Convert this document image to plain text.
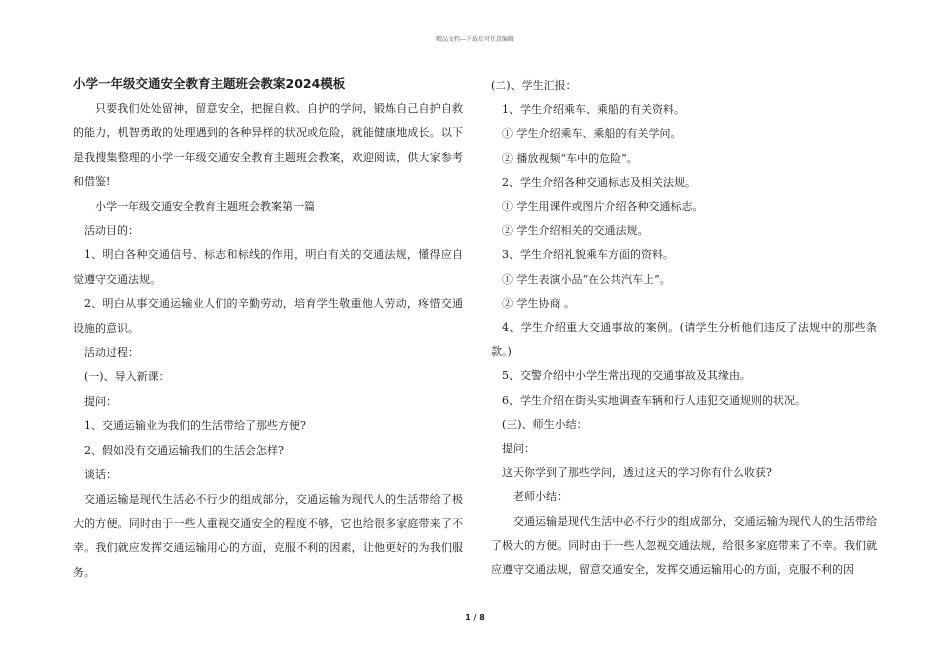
精品文档---下载后可任意编辑
小学一年级交通安全教育主题班会教案2024模板

只要我们处处留神，留意安全，把握自救、自护的学问，锻炼自己自护自救的能力，机智勇敢的处理遇到的各种异样的状况或危险，就能健康地成长。以下是我搜集整理的小学一年级交通安全教育主题班会教案，欢迎阅读，供大家参考和借鉴!

小学一年级交通安全教育主题班会教案第一篇

活动目的：

1、明白各种交通信号、标志和标线的作用，明白有关的交通法规，懂得应自觉遵守交通法规。

2、明白从事交通运输业人们的辛勤劳动，培育学生敬重他人劳动，疼惜交通设施的意识。

活动过程：

(一)、导入新课：

提问：

1、交通运输业为我们的生活带给了那些方便?

2、假如没有交通运输我们的生活会怎样?

谈话：

交通运输是现代生活必不行少的组成部分，交通运输为现代人的生活带给了极大的方便。同时由于一些人重视交通安全的程度不够，它也给很多家庭带来了不幸。我们就应发挥交通运输用心的方面，克服不利的因素，让他更好的为我们服务。

(二)、学生汇报：

1、学生介绍乘车、乘船的有关资料。

① 学生介绍乘车、乘船的有关学问。

② 播放视频“车中的危险”。

2、学生介绍各种交通标志及相关法规。

① 学生用课件或图片介绍各种交通标志。

② 学生介绍相关的交通法规。

3、学生介绍礼貌乘车方面的资料。

① 学生表演小品“在公共汽车上”。

② 学生协商 。

4、学生介绍重大交通事故的案例。(请学生分析他们违反了法规中的那些条款。)

5、交警介绍中小学生常出现的交通事故及其缘由。

6、学生介绍在街头实地调查车辆和行人违犯交通规则的状况。

(三)、师生小结：

提问：

这天你学到了那些学问，透过这天的学习你有什么收获?

老师小结：

交通运输是现代生活中必不行少的组成部分，交通运输为现代人的生活带给了极大的方便。同时由于一些人忽视交通法规，给很多家庭带来了不幸。我们就应遵守交通法规，留意交通安全，发挥交通运输用心的方面，克服不利的因

1 / 8
